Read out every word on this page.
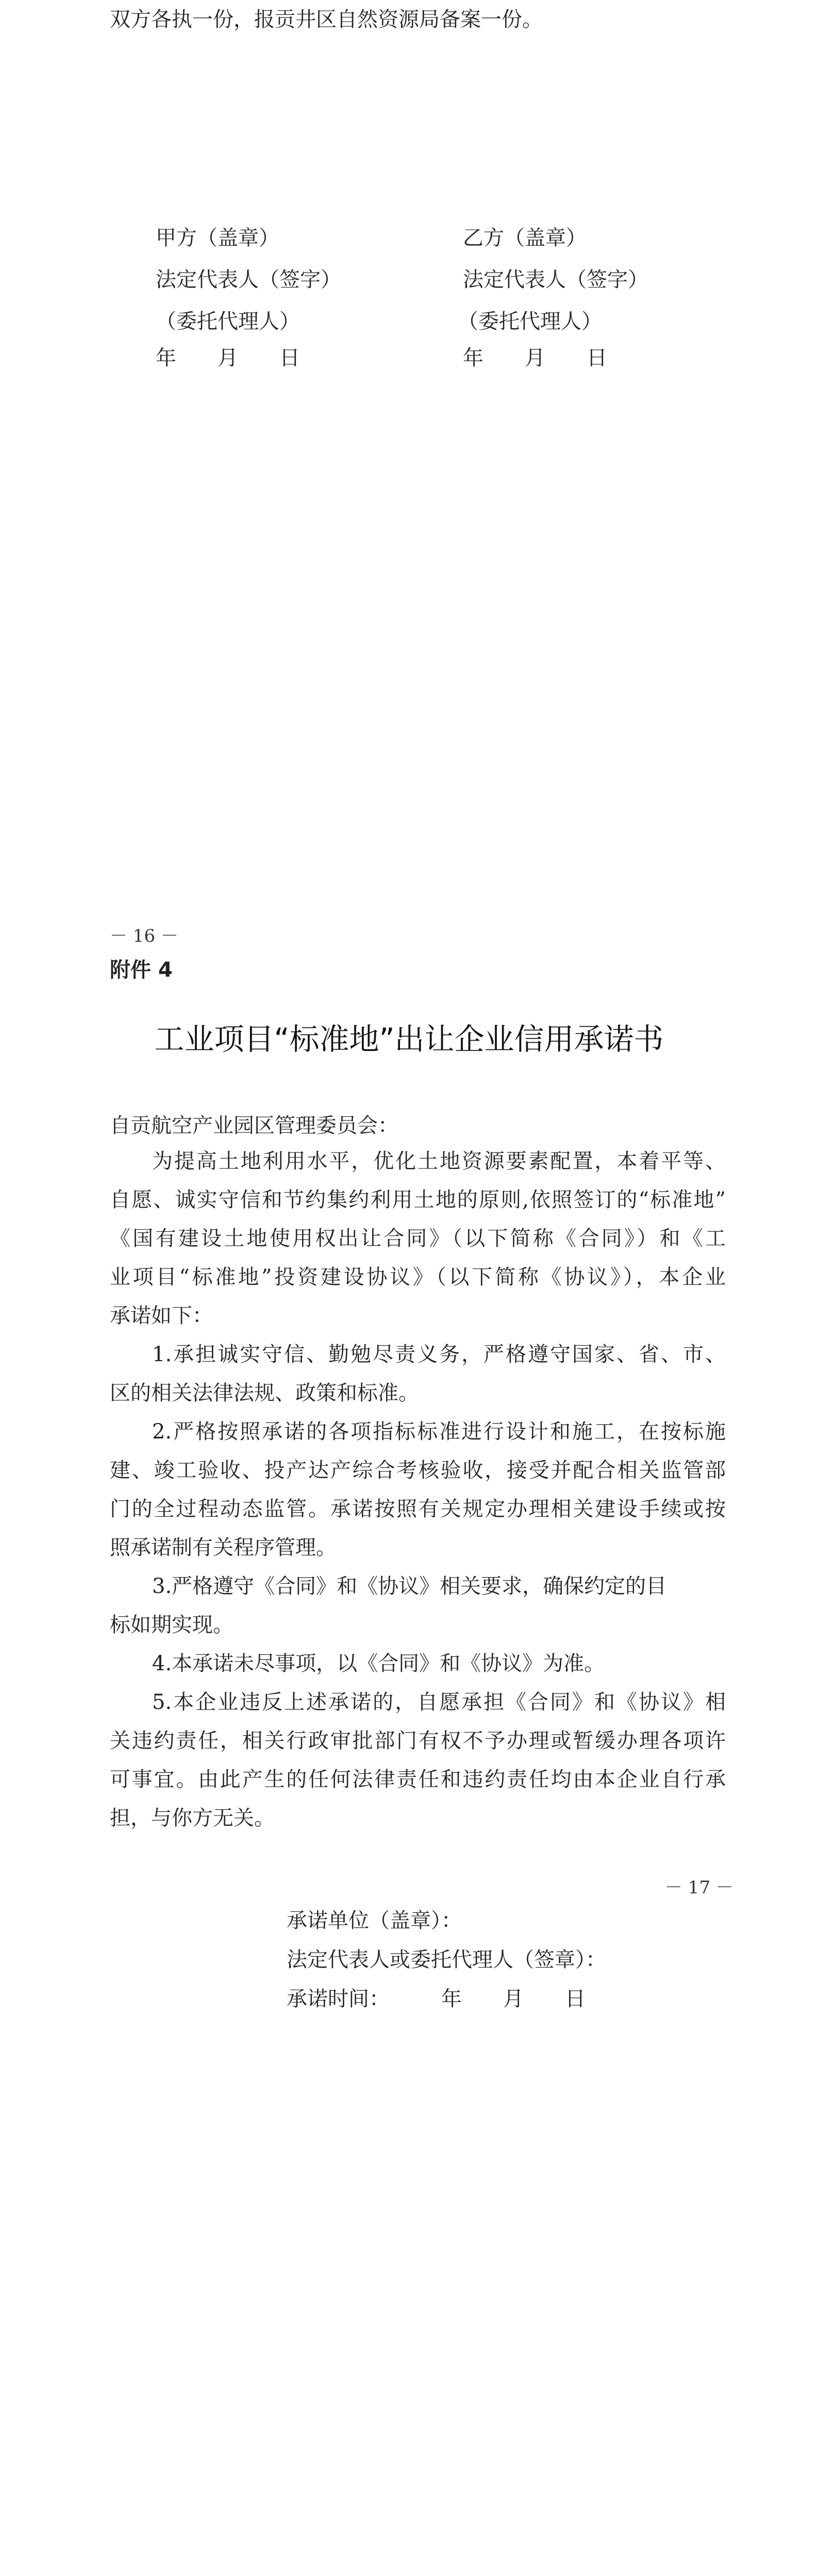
双方各执一份，报贡井区自然资源局备案一份。
甲方（盖章）
法定代表人（签字）
（委托代理人）
年　　月　　日
乙方（盖章）
法定代表人（签字）
（委托代理人）
年　　月　　日
－ 16 －
附件 4
工业项目“标准地”出让企业信用承诺书
自贡航空产业园区管理委员会：
为提高土地利用水平，优化土地资源要素配置，本着平等、
自愿、诚实守信和节约集约利用土地的原则,依照签订的“标准地”
《国有建设土地使用权出让合同》（以下简称《合同》）和《工
业项目“标准地”投资建设协议》（以下简称《协议》），本企业
承诺如下：
1.承担诚实守信、勤勉尽责义务，严格遵守国家、省、市、
区的相关法律法规、政策和标准。
2.严格按照承诺的各项指标标准进行设计和施工，在按标施
建、竣工验收、投产达产综合考核验收，接受并配合相关监管部
门的全过程动态监管。承诺按照有关规定办理相关建设手续或按
照承诺制有关程序管理。
3.严格遵守《合同》和《协议》相关要求，确保约定的目
标如期实现。
4.本承诺未尽事项，以《合同》和《协议》为准。
5.本企业违反上述承诺的，自愿承担《合同》和《协议》相
关违约责任，相关行政审批部门有权不予办理或暂缓办理各项许
可事宜。由此产生的任何法律责任和违约责任均由本企业自行承
担，与你方无关。
－ 17 －
承诺单位（盖章）：
法定代表人或委托代理人（签章）：
承诺时间：　　　年　　月　　日
